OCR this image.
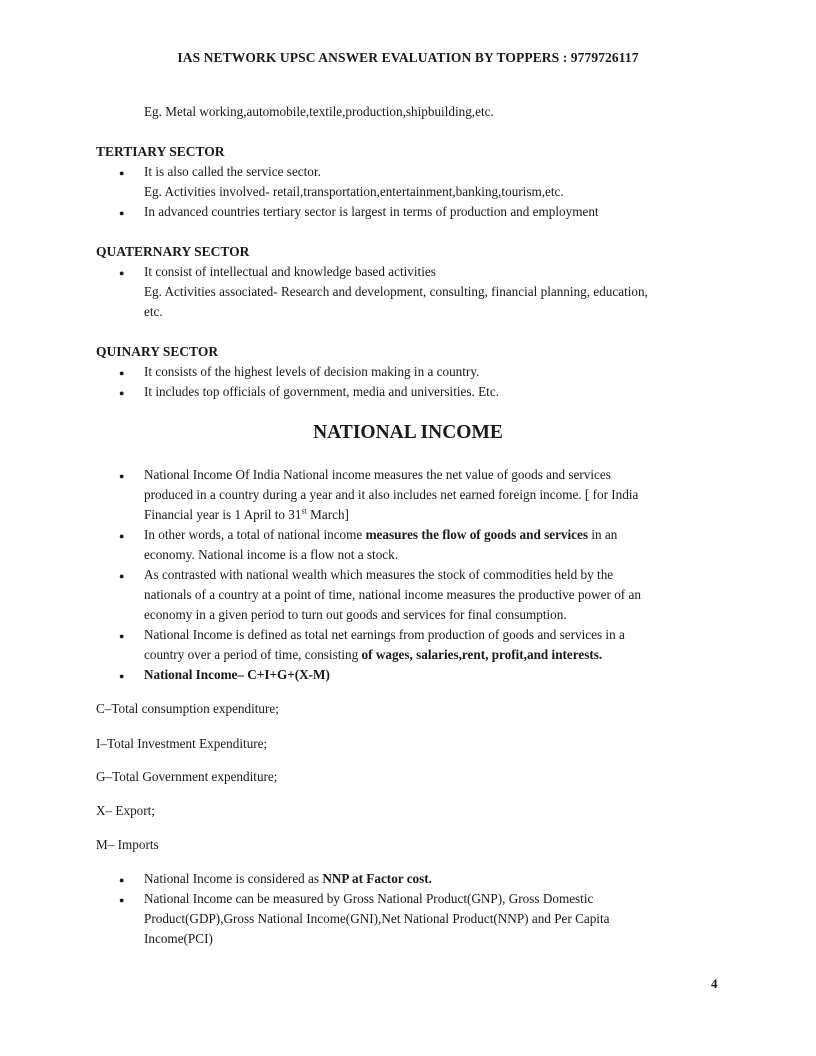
IAS NETWORK UPSC ANSWER EVALUATION BY TOPPERS : 9779726117
Eg. Metal working,automobile,textile,production,shipbuilding,etc.
TERTIARY SECTOR
● It is also called the service sector.
Eg. Activities involved- retail,transportation,entertainment,banking,tourism,etc.
● In advanced countries tertiary sector is largest in terms of production and employment
QUATERNARY SECTOR
● It consist of intellectual and knowledge based activities
Eg. Activities associated- Research and development, consulting, financial planning, education,
etc.
QUINARY SECTOR
● It consists of the highest levels of decision making in a country.
● It includes top officials of government, media and universities. Etc.
NATIONAL INCOME
● National Income Of India National income measures the net value of goods and services
produced in a country during a year and it also includes net earned foreign income. [ for India
Financial year is 1 April to 31st March]
● In other words, a total of national income measures the flow of goods and services in an
economy. National income is a flow not a stock.
● As contrasted with national wealth which measures the stock of commodities held by the
nationals of a country at a point of time, national income measures the productive power of an
economy in a given period to turn out goods and services for final consumption.
● National Income is defined as total net earnings from production of goods and services in a
country over a period of time, consisting of wages, salaries,rent, profit,and interests.
● National Income– C+I+G+(X-M)
C–Total consumption expenditure;
I–Total Investment Expenditure;
G–Total Government expenditure;
X– Export;
M– Imports
● National Income is considered as NNP at Factor cost.
● National Income can be measured by Gross National Product(GNP), Gross Domestic
Product(GDP),Gross National Income(GNI),Net National Product(NNP) and Per Capita
Income(PCI)
4
